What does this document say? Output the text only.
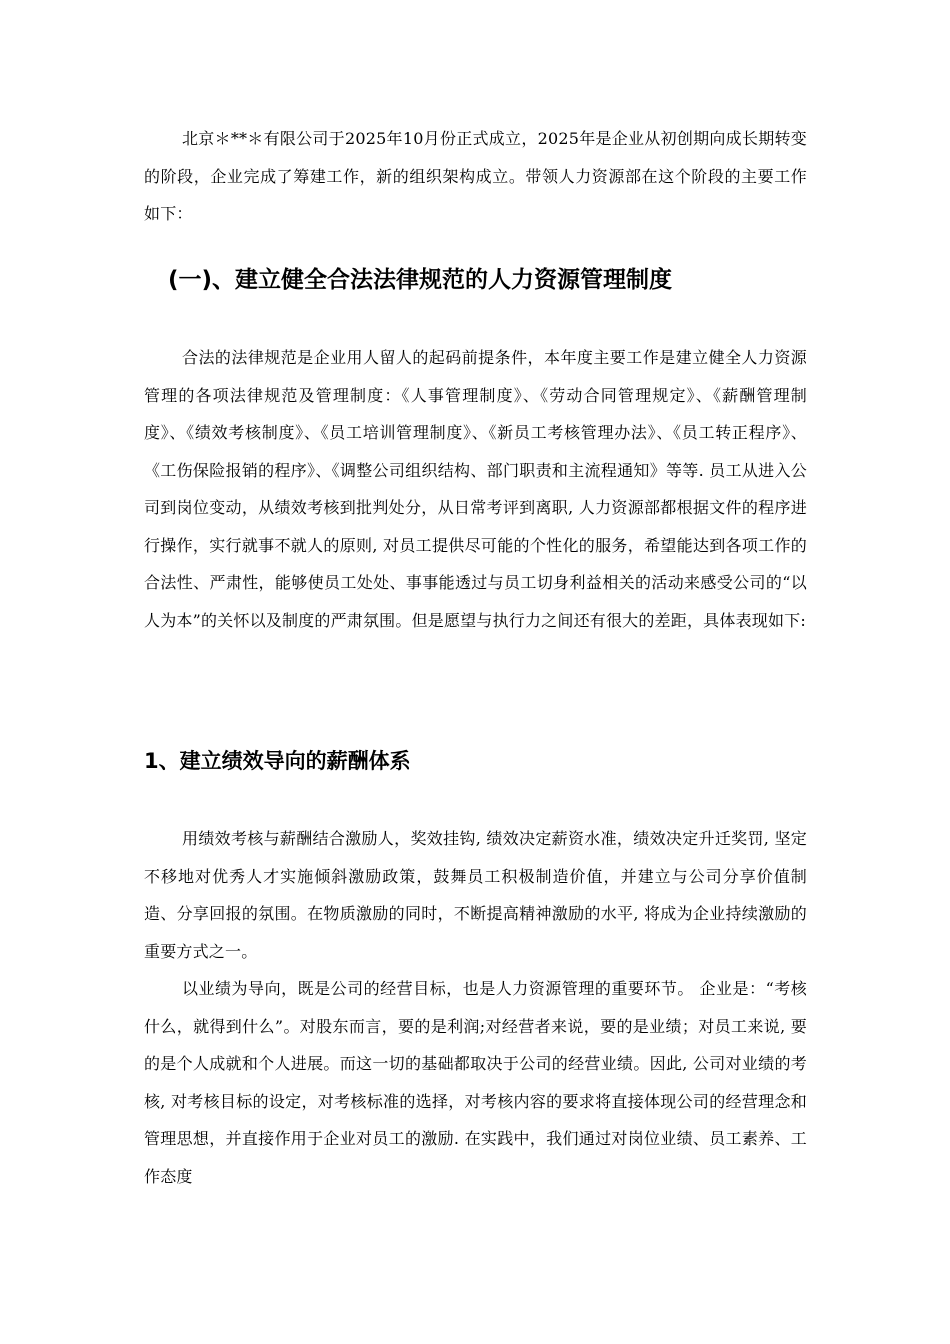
北京＊**＊有限公司于2025年10月份正式成立，2025年是企业从初创期向成长期转变的阶段，企业完成了筹建工作，新的组织架构成立。带领人力资源部在这个阶段的主要工作如下：

(一)、建立健全合法法律规范的人力资源管理制度

合法的法律规范是企业用人留人的起码前提条件，本年度主要工作是建立健全人力资源管理的各项法律规范及管理制度：《人事管理制度》、《劳动合同管理规定》、《薪酬管理制度》、《绩效考核制度》、《员工培训管理制度》、《新员工考核管理办法》、《员工转正程序》、《工伤保险报销的程序》、《调整公司组织结构、部门职责和主流程通知》等等. 员工从进入公司到岗位变动，从绩效考核到批判处分，从日常考评到离职, 人力资源部都根据文件的程序进行操作，实行就事不就人的原则, 对员工提供尽可能的个性化的服务，希望能达到各项工作的合法性、严肃性，能够使员工处处、事事能透过与员工切身利益相关的活动来感受公司的“以人为本”的关怀以及制度的严肃氛围。但是愿望与执行力之间还有很大的差距，具体表现如下:

1、建立绩效导向的薪酬体系

用绩效考核与薪酬结合激励人，奖效挂钩, 绩效决定薪资水准，绩效决定升迁奖罚, 坚定不移地对优秀人才实施倾斜激励政策，鼓舞员工积极制造价值，并建立与公司分享价值制造、分享回报的氛围。在物质激励的同时，不断提高精神激励的水平, 将成为企业持续激励的重要方式之一。

以业绩为导向，既是公司的经营目标，也是人力资源管理的重要环节。 企业是：“考核什么，就得到什么”。对股东而言，要的是利润;对经营者来说，要的是业绩；对员工来说, 要的是个人成就和个人进展。而这一切的基础都取决于公司的经营业绩。因此, 公司对业绩的考核, 对考核目标的设定，对考核标准的选择，对考核内容的要求将直接体现公司的经营理念和管理思想，并直接作用于企业对员工的激励. 在实践中，我们通过对岗位业绩、员工素养、工作态度
